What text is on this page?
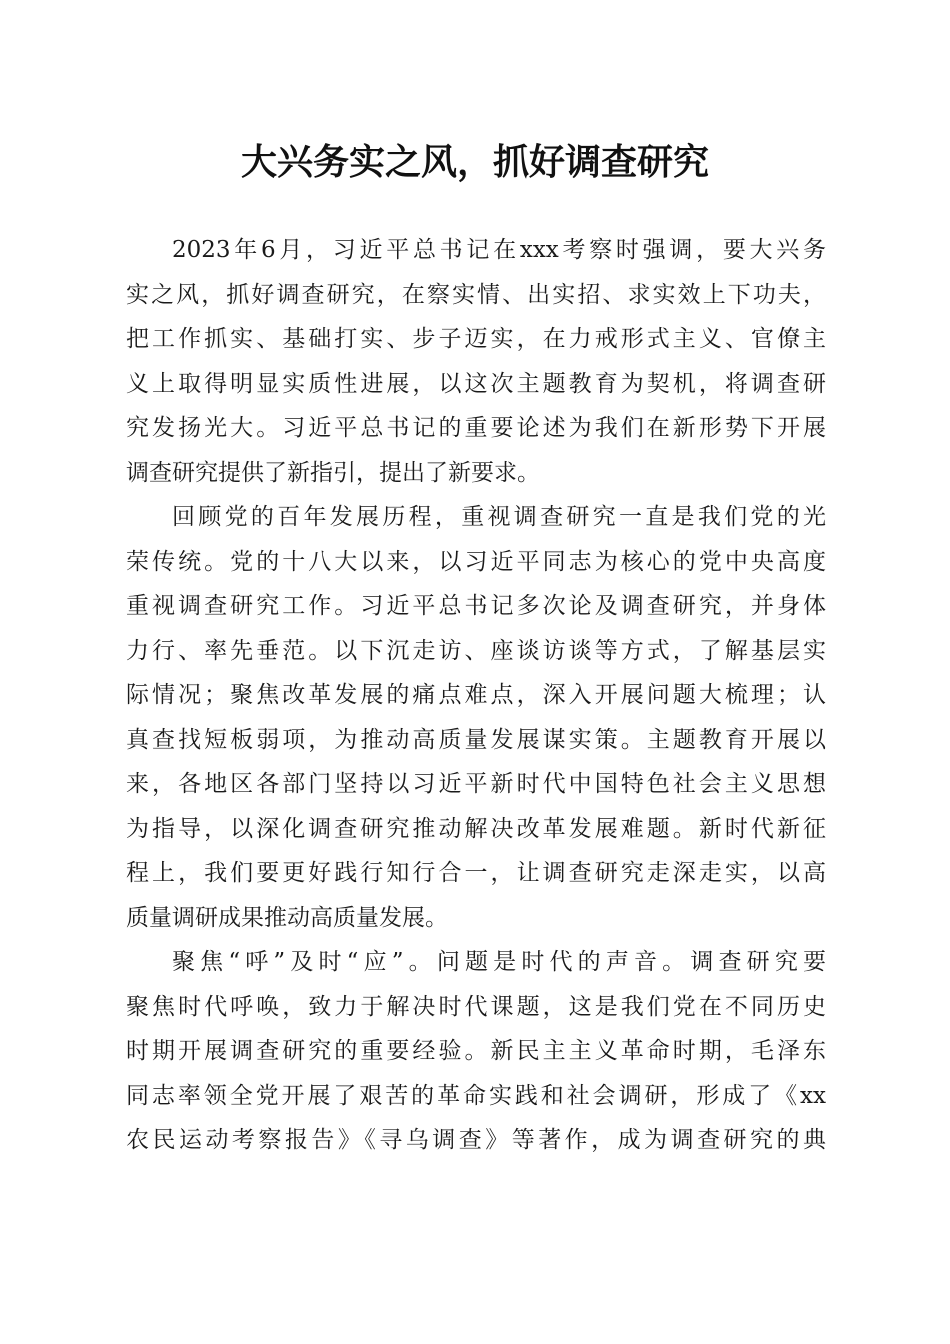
大兴务实之风，抓好调查研究
2023年6月，习近平总书记在xxx考察时强调，要大兴务
实之风，抓好调查研究，在察实情、出实招、求实效上下功夫，
把工作抓实、基础打实、步子迈实，在力戒形式主义、官僚主
义上取得明显实质性进展，以这次主题教育为契机，将调查研
究发扬光大。习近平总书记的重要论述为我们在新形势下开展
调查研究提供了新指引，提出了新要求。
回顾党的百年发展历程，重视调查研究一直是我们党的光
荣传统。党的十八大以来，以习近平同志为核心的党中央高度
重视调查研究工作。习近平总书记多次论及调查研究，并身体
力行、率先垂范。以下沉走访、座谈访谈等方式，了解基层实
际情况；聚焦改革发展的痛点难点，深入开展问题大梳理；认
真查找短板弱项，为推动高质量发展谋实策。主题教育开展以
来，各地区各部门坚持以习近平新时代中国特色社会主义思想
为指导，以深化调查研究推动解决改革发展难题。新时代新征
程上，我们要更好践行知行合一，让调查研究走深走实，以高
质量调研成果推动高质量发展。
聚焦“呼”及时“应”。问题是时代的声音。调查研究要
聚焦时代呼唤，致力于解决时代课题，这是我们党在不同历史
时期开展调查研究的重要经验。新民主主义革命时期，毛泽东
同志率领全党开展了艰苦的革命实践和社会调研，形成了《xx
农民运动考察报告》《寻乌调查》等著作，成为调查研究的典
